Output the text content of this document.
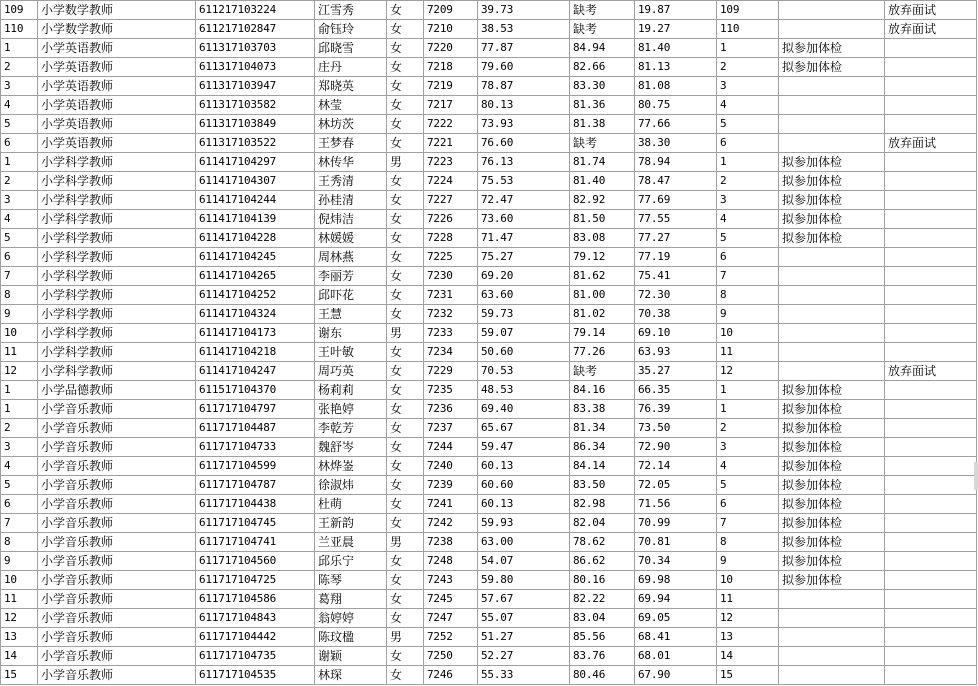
109	小学数学教师	611217103224	江雪秀	女	7209	39.73	缺考	19.87	109		放弃面试
110	小学数学教师	611217102847	俞钰玲	女	7210	38.53	缺考	19.27	110		放弃面试
1	小学英语教师	611317103703	邱晓雪	女	7220	77.87	84.94	81.40	1	拟参加体检	
2	小学英语教师	611317104073	庄丹	女	7218	79.60	82.66	81.13	2	拟参加体检	
3	小学英语教师	611317103947	郑晓英	女	7219	78.87	83.30	81.08	3		
4	小学英语教师	611317103582	林莹	女	7217	80.13	81.36	80.75	4		
5	小学英语教师	611317103849	林坊茨	女	7222	73.93	81.38	77.66	5		
6	小学英语教师	611317103522	王梦春	女	7221	76.60	缺考	38.30	6		放弃面试
1	小学科学教师	611417104297	林传华	男	7223	76.13	81.74	78.94	1	拟参加体检	
2	小学科学教师	611417104307	王秀清	女	7224	75.53	81.40	78.47	2	拟参加体检	
3	小学科学教师	611417104244	孙桂清	女	7227	72.47	82.92	77.69	3	拟参加体检	
4	小学科学教师	611417104139	倪炜洁	女	7226	73.60	81.50	77.55	4	拟参加体检	
5	小学科学教师	611417104228	林媛媛	女	7228	71.47	83.08	77.27	5	拟参加体检	
6	小学科学教师	611417104245	周林燕	女	7225	75.27	79.12	77.19	6		
7	小学科学教师	611417104265	李丽芳	女	7230	69.20	81.62	75.41	7		
8	小学科学教师	611417104252	邱吓花	女	7231	63.60	81.00	72.30	8		
9	小学科学教师	611417104324	王慧	女	7232	59.73	81.02	70.38	9		
10	小学科学教师	611417104173	谢东	男	7233	59.07	79.14	69.10	10		
11	小学科学教师	611417104218	王叶敏	女	7234	50.60	77.26	63.93	11		
12	小学科学教师	611417104247	周巧英	女	7229	70.53	缺考	35.27	12		放弃面试
1	小学品德教师	611517104370	杨莉莉	女	7235	48.53	84.16	66.35	1	拟参加体检	
1	小学音乐教师	611717104797	张艳婷	女	7236	69.40	83.38	76.39	1	拟参加体检	
2	小学音乐教师	611717104487	李乾芳	女	7237	65.67	81.34	73.50	2	拟参加体检	
3	小学音乐教师	611717104733	魏舒岑	女	7244	59.47	86.34	72.90	3	拟参加体检	
4	小学音乐教师	611717104599	林烨崟	女	7240	60.13	84.14	72.14	4	拟参加体检	
5	小学音乐教师	611717104787	徐淑炜	女	7239	60.60	83.50	72.05	5	拟参加体检	
6	小学音乐教师	611717104438	杜萌	女	7241	60.13	82.98	71.56	6	拟参加体检	
7	小学音乐教师	611717104745	王新韵	女	7242	59.93	82.04	70.99	7	拟参加体检	
8	小学音乐教师	611717104741	兰亚晨	男	7238	63.00	78.62	70.81	8	拟参加体检	
9	小学音乐教师	611717104560	邱乐宁	女	7248	54.07	86.62	70.34	9	拟参加体检	
10	小学音乐教师	611717104725	陈琴	女	7243	59.80	80.16	69.98	10	拟参加体检	
11	小学音乐教师	611717104586	葛翔	女	7245	57.67	82.22	69.94	11		
12	小学音乐教师	611717104843	翁婷婷	女	7247	55.07	83.04	69.05	12		
13	小学音乐教师	611717104442	陈玟楹	男	7252	51.27	85.56	68.41	13		
14	小学音乐教师	611717104735	谢颖	女	7250	52.27	83.76	68.01	14		
15	小学音乐教师	611717104535	林琛	女	7246	55.33	80.46	67.90	15		
